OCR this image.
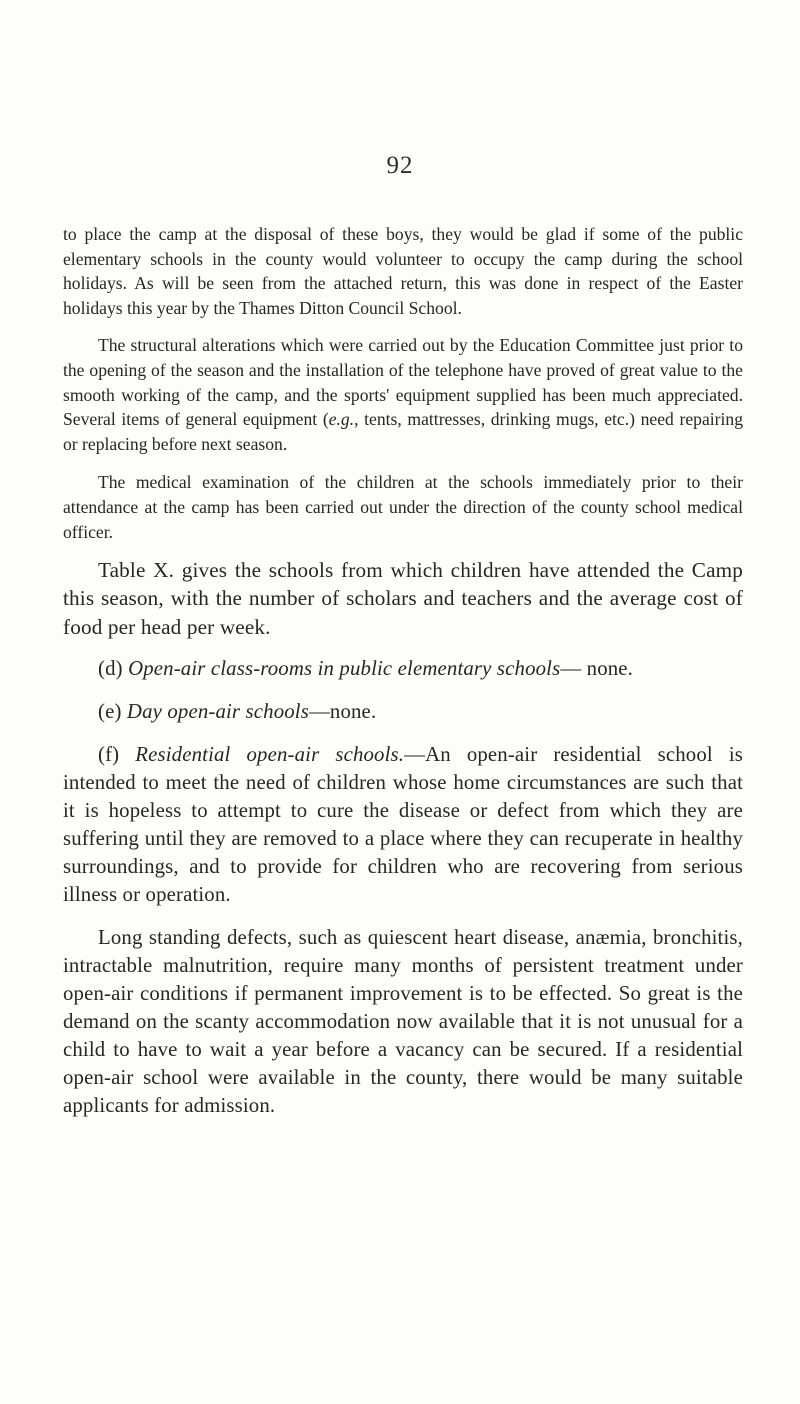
92

to place the camp at the disposal of these boys, they would be glad if some of the public elementary schools in the county would volunteer to occupy the camp during the school holidays. As will be seen from the attached return, this was done in respect of the Easter holidays this year by the Thames Ditton Council School.

The structural alterations which were carried out by the Education Committee just prior to the opening of the season and the installation of the telephone have proved of great value to the smooth working of the camp, and the sports' equipment supplied has been much appreciated. Several items of general equipment (e.g., tents, mattresses, drinking mugs, etc.) need repairing or replacing before next season.

The medical examination of the children at the schools immediately prior to their attendance at the camp has been carried out under the direction of the county school medical officer.

Table X. gives the schools from which children have attended the Camp this season, with the number of scholars and teachers and the average cost of food per head per week.

(d) Open-air class-rooms in public elementary schools— none.

(e) Day open-air schools—none.

(f) Residential open-air schools.—An open-air residential school is intended to meet the need of children whose home circumstances are such that it is hopeless to attempt to cure the disease or defect from which they are suffering until they are removed to a place where they can recuperate in healthy surroundings, and to provide for children who are recovering from serious illness or operation.

Long standing defects, such as quiescent heart disease, anæmia, bronchitis, intractable malnutrition, require many months of persistent treatment under open-air conditions if permanent improvement is to be effected. So great is the demand on the scanty accommodation now available that it is not unusual for a child to have to wait a year before a vacancy can be secured. If a residential open-air school were available in the county, there would be many suitable applicants for admission.
